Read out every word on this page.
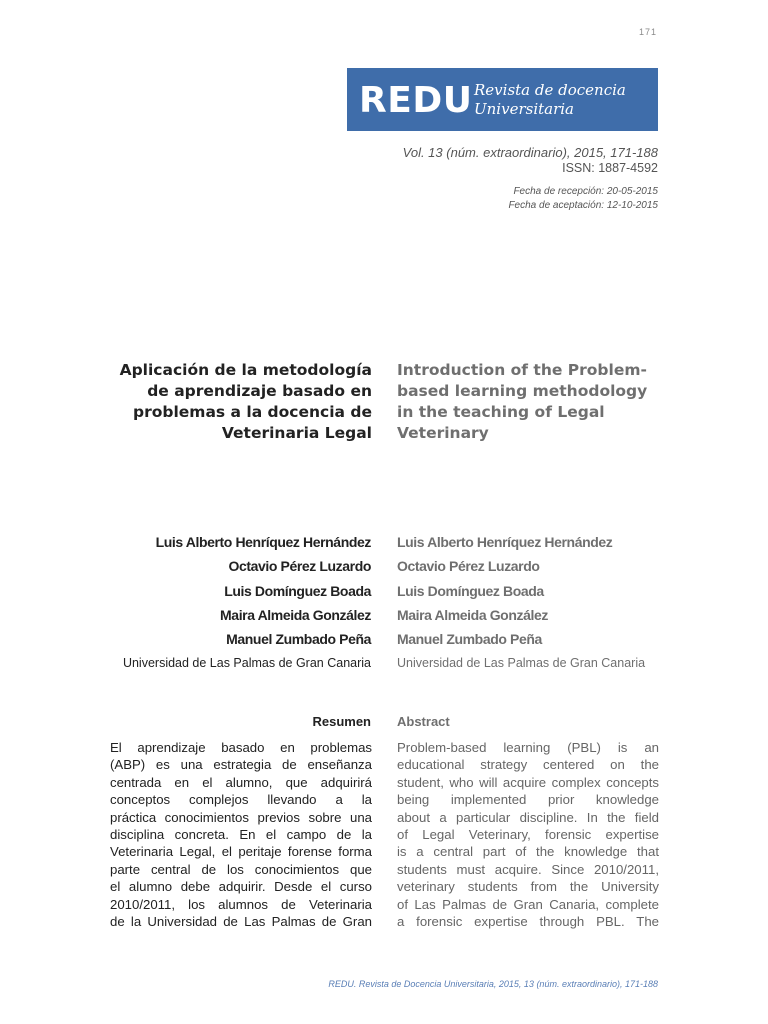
171
REDU Revista de docencia
Universitaria
Vol. 13 (núm. extraordinario), 2015, 171-188
ISSN: 1887-4592
Fecha de recepción: 20-05-2015
Fecha de aceptación: 12-10-2015
Aplicación de la metodología
de aprendizaje basado en
problemas a la docencia de
Veterinaria Legal
Introduction of the Problem-
based learning methodology
in the teaching of Legal
Veterinary
Luis Alberto Henríquez Hernández
Octavio Pérez Luzardo
Luis Domínguez Boada
Maira Almeida González
Manuel Zumbado Peña
Universidad de Las Palmas de Gran Canaria
Luis Alberto Henríquez Hernández
Octavio Pérez Luzardo
Luis Domínguez Boada
Maira Almeida González
Manuel Zumbado Peña
Universidad de Las Palmas de Gran Canaria
Resumen Abstract
El aprendizaje basado en problemas
(ABP) es una estrategia de enseñanza
centrada en el alumno, que adquirirá
conceptos complejos llevando a la
práctica conocimientos previos sobre una
disciplina concreta. En el campo de la
Veterinaria Legal, el peritaje forense forma
parte central de los conocimientos que
el alumno debe adquirir. Desde el curso
2010/2011, los alumnos de Veterinaria
de la Universidad de Las Palmas de Gran
Problem-based learning (PBL) is an
educational strategy centered on the
student, who will acquire complex concepts
being implemented prior knowledge
about a particular discipline. In the field
of Legal Veterinary, forensic expertise
is a central part of the knowledge that
students must acquire. Since 2010/2011,
veterinary students from the University
of Las Palmas de Gran Canaria, complete
a forensic expertise through PBL. The
REDU. Revista de Docencia Universitaria, 2015, 13 (núm. extraordinario), 171-188
